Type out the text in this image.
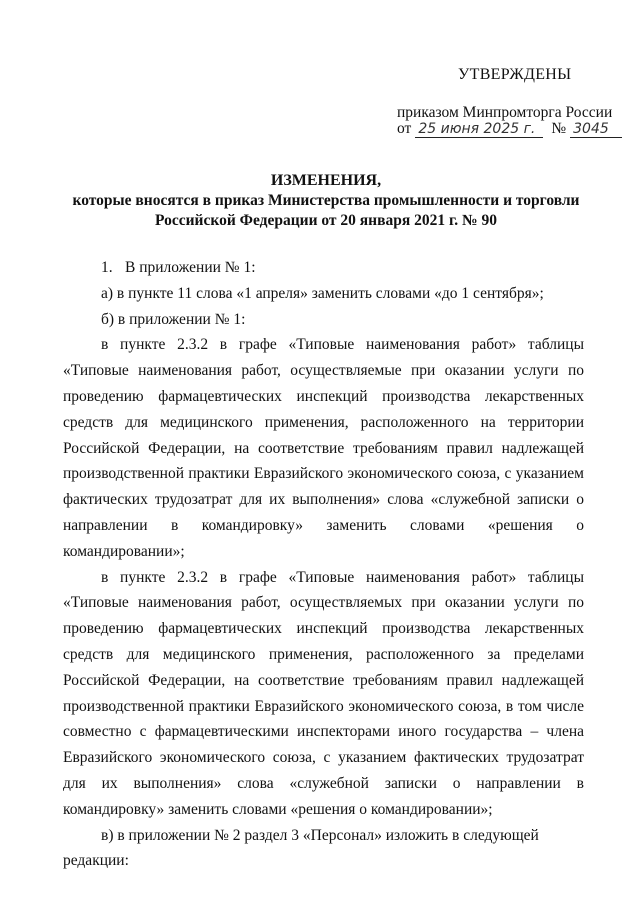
УТВЕРЖДЕНЫ
приказом Минпромторга России
от 25 июня 2025 г.	№ 3045
ИЗМЕНЕНИЯ,
которые вносятся в приказ Министерства промышленности и торговли
Российской Федерации от 20 января 2021 г. № 90

1. В приложении № 1:

а) в пункте 11 слова «1 апреля» заменить словами «до 1 сентября»;

б) в приложении № 1:

в пункте 2.3.2 в графе «Типовые наименования работ» таблицы «Типовые наименования работ, осуществляемые при оказании услуги по проведению фармацевтических инспекций производства лекарственных средств для медицинского применения, расположенного на территории Российской Федерации, на соответствие требованиям правил надлежащей производственной практики Евразийского экономического союза, с указанием фактических трудозатрат для их выполнения» слова «служебной записки о направлении в командировку» заменить словами «решения о командировании»;

в пункте 2.3.2 в графе «Типовые наименования работ» таблицы «Типовые наименования работ, осуществляемых при оказании услуги по проведению фармацевтических инспекций производства лекарственных средств для медицинского применения, расположенного за пределами Российской Федерации, на соответствие требованиям правил надлежащей производственной практики Евразийского экономического союза, в том числе совместно с фармацевтическими инспекторами иного государства – члена Евразийского экономического союза, с указанием фактических трудозатрат для их выполнения» слова «служебной записки о направлении в командировку» заменить словами «решения о командировании»;

в) в приложении № 2 раздел 3 «Персонал» изложить в следующей редакции:
